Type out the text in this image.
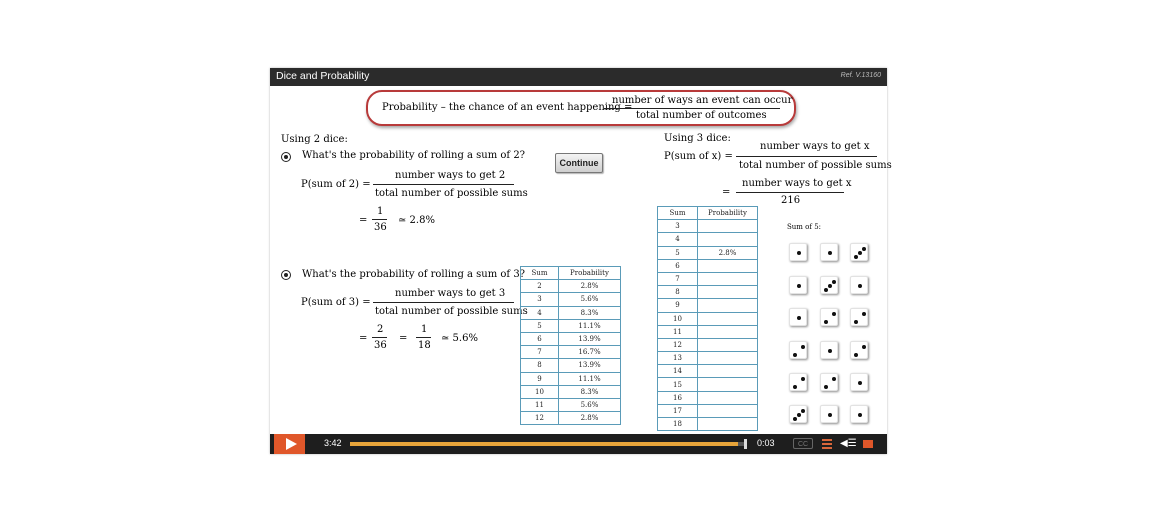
Dice and Probability	Ref. V.13160
Probability – the chance of an event happening =
number of ways an event can occur
total number of outcomes
Using 2 dice:
What's the probability of rolling a sum of 2?
P(sum of 2) =
number ways to get 2
total number of possible sums
=
1
36
≃ 2.8%
Continue
What's the probability of rolling a sum of 3?
P(sum of 3) =
number ways to get 3
total number of possible sums
=
2
36
=
1
18
≃ 5.6%
Sum	Probability
2	2.8%
3	5.6%
4	8.3%
5	11.1%
6	13.9%
7	16.7%
8	13.9%
9	11.1%
10	8.3%
11	5.6%
12	2.8%
Using 3 dice:
P(sum of x) =
number ways to get x
total number of possible sums
=
number ways to get x
216
Sum	Probability
3	
4	
5	2.8%
6	
7	
8	
9	
10	
11	
12	
13	
14	
15	
16	
17	
18	
Sum of 5:
3:42	0:03	CC	◀☰
